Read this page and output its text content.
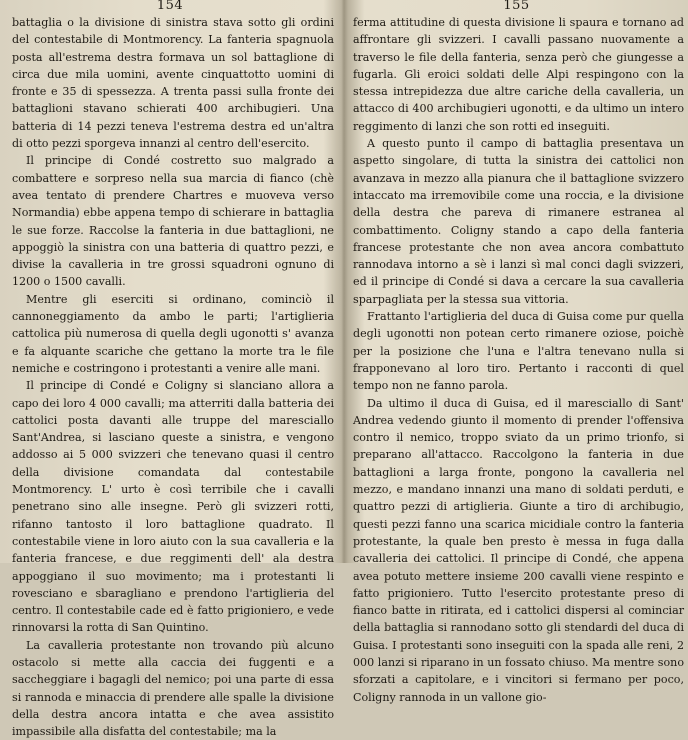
154

battaglia o la divisione di sinistra stava sotto gli ordini del contestabile di Montmorency. La fanteria spagnuola posta all'estrema destra formava un sol battaglione di circa due mila uomini, avente cinquattotto uomini di fronte e 35 di spessezza. A trenta passi sulla fronte dei battaglioni stavano schierati 400 archibugieri. Una batteria di 14 pezzi teneva l'estrema destra ed un'altra di otto pezzi sporgeva innanzi al centro dell'esercito.

Il principe di Condé costretto suo malgrado a combattere e sorpreso nella sua marcia di fianco (chè avea tentato di prendere Chartres e muoveva verso Normandia) ebbe appena tempo di schierare in battaglia le sue forze. Raccolse la fanteria in due battaglioni, ne appoggiò la sinistra con una batteria di quattro pezzi, e divise la cavalleria in tre grossi squadroni ognuno di 1200 o 1500 cavalli.

Mentre gli eserciti si ordinano, cominciò il cannoneggiamento da ambo le parti; l'artiglieria cattolica più numerosa di quella degli ugonotti s' avanza e fa alquante scariche che gettano la morte tra le file nemiche e costringono i protestanti a venire alle mani.

Il principe di Condé e Coligny si slanciano allora a capo dei loro 4 000 cavalli; ma atterriti dalla batteria dei cattolici posta davanti alle truppe del maresciallo Sant'Andrea, si lasciano queste a sinistra, e vengono addosso ai 5 000 svizzeri che tenevano quasi il centro della divisione comandata dal contestabile Montmorency. L' urto è così terribile che i cavalli penetrano sino alle insegne. Però gli svizzeri rotti, rifanno tantosto il loro battaglione quadrato. Il contestabile viene in loro aiuto con la sua cavalleria e la fanteria francese, e due reggimenti dell' ala destra appoggiano il suo movimento; ma i protestanti li rovesciano e sbaragliano e prendono l'artiglieria del centro. Il contestabile cade ed è fatto prigioniero, e vede rinnovarsi la rotta di San Quintino.

La cavalleria protestante non trovando più alcuno ostacolo si mette alla caccia dei fuggenti e a saccheggiare i bagagli del nemico; poi una parte di essa si rannoda e minaccia di prendere alle spalle la divisione della destra ancora intatta e che avea assistito impassibile alla disfatta del contestabile; ma la

155

ferma attitudine di questa divisione li spaura e tornano ad affrontare gli svizzeri. I cavalli passano nuovamente a traverso le file della fanteria, senza però che giungesse a fugarla. Gli eroici soldati delle Alpi respingono con la stessa intrepidezza due altre cariche della cavalleria, un attacco di 400 archibugieri ugonotti, e da ultimo un intero reggimento di lanzi che son rotti ed inseguiti.

A questo punto il campo di battaglia presentava un aspetto singolare, di tutta la sinistra dei cattolici non avanzava in mezzo alla pianura che il battaglione svizzero intaccato ma irremovibile come una roccia, e la divisione della destra che pareva di rimanere estranea al combattimento. Coligny stando a capo della fanteria francese protestante che non avea ancora combattuto rannodava intorno a sè i lanzi sì mal conci dagli svizzeri, ed il principe di Condé si dava a cercare la sua cavalleria sparpagliata per la stessa sua vittoria.

Frattanto l'artiglieria del duca di Guisa come pur quella degli ugonotti non potean certo rimanere oziose, poichè per la posizione che l'una e l'altra tenevano nulla si frapponevano al loro tiro. Pertanto i racconti di quel tempo non ne fanno parola.

Da ultimo il duca di Guisa, ed il maresciallo di Sant' Andrea vedendo giunto il momento di prender l'offensiva contro il nemico, troppo sviato da un primo trionfo, si preparano all'attacco. Raccolgono la fanteria in due battaglioni a larga fronte, pongono la cavalleria nel mezzo, e mandano innanzi una mano di soldati perduti, e quattro pezzi di artiglieria. Giunte a tiro di archibugio, questi pezzi fanno una scarica micidiale contro la fanteria protestante, la quale ben presto è messa in fuga dalla cavalleria dei cattolici. Il principe di Condé, che appena avea potuto mettere insieme 200 cavalli viene respinto e fatto prigioniero. Tutto l'esercito protestante preso di fianco batte in ritirata, ed i cattolici dispersi al cominciar della battaglia si rannodano sotto gli stendardi del duca di Guisa. I protestanti sono inseguiti con la spada alle reni, 2 000 lanzi si riparano in un fossato chiuso. Ma mentre sono sforzati a capitolare, e i vincitori si fermano per poco, Coligny rannoda in un vallone gio-
